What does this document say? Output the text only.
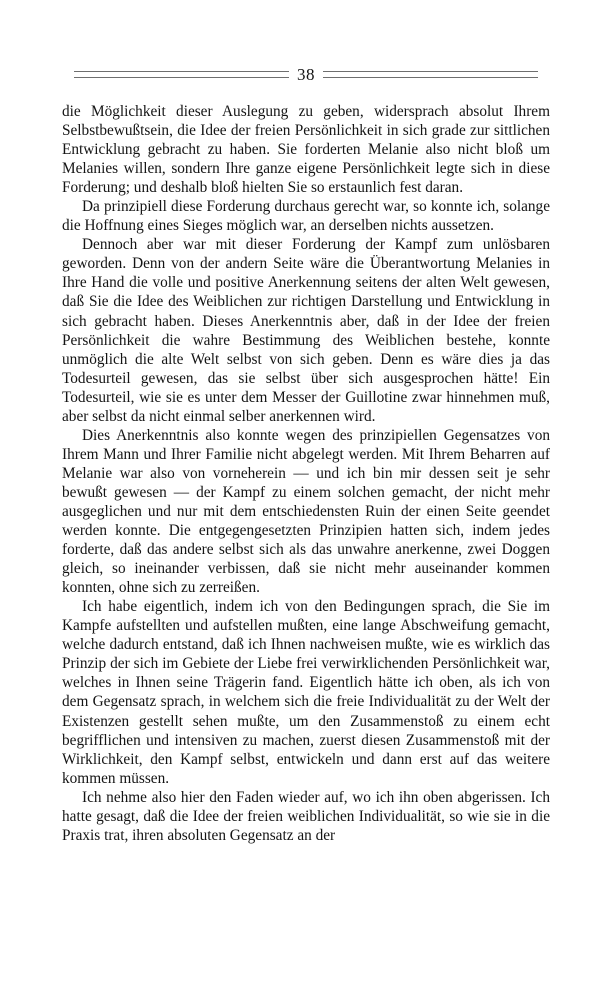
38

die Möglichkeit dieser Auslegung zu geben, widersprach absolut Ihrem Selbstbewußtsein, die Idee der freien Persönlichkeit in sich grade zur sittlichen Entwicklung gebracht zu haben. Sie forderten Melanie also nicht bloß um Melanies willen, sondern Ihre ganze eigene Persönlichkeit legte sich in diese Forderung; und deshalb bloß hielten Sie so erstaunlich fest daran.

Da prinzipiell diese Forderung durchaus gerecht war, so konnte ich, solange die Hoffnung eines Sieges möglich war, an derselben nichts aussetzen.

Dennoch aber war mit dieser Forderung der Kampf zum unlösbaren geworden. Denn von der andern Seite wäre die Überantwortung Melanies in Ihre Hand die volle und positive Anerkennung seitens der alten Welt gewesen, daß Sie die Idee des Weiblichen zur richtigen Darstellung und Entwicklung in sich gebracht haben. Dieses Anerkenntnis aber, daß in der Idee der freien Persönlichkeit die wahre Bestimmung des Weiblichen bestehe, konnte unmöglich die alte Welt selbst von sich geben. Denn es wäre dies ja das Todesurteil gewesen, das sie selbst über sich ausgesprochen hätte! Ein Todesurteil, wie sie es unter dem Messer der Guillotine zwar hinnehmen muß, aber selbst da nicht einmal selber anerkennen wird.

Dies Anerkenntnis also konnte wegen des prinzipiellen Gegensatzes von Ihrem Mann und Ihrer Familie nicht abgelegt werden. Mit Ihrem Beharren auf Melanie war also von vorneherein — und ich bin mir dessen seit je sehr bewußt gewesen — der Kampf zu einem solchen gemacht, der nicht mehr ausgeglichen und nur mit dem entschiedensten Ruin der einen Seite geendet werden konnte. Die entgegengesetzten Prinzipien hatten sich, indem jedes forderte, daß das andere selbst sich als das unwahre anerkenne, zwei Doggen gleich, so ineinander verbissen, daß sie nicht mehr auseinander kommen konnten, ohne sich zu zerreißen.

Ich habe eigentlich, indem ich von den Bedingungen sprach, die Sie im Kampfe aufstellten und aufstellen mußten, eine lange Abschweifung gemacht, welche dadurch entstand, daß ich Ihnen nachweisen mußte, wie es wirklich das Prinzip der sich im Gebiete der Liebe frei verwirklichenden Persönlichkeit war, welches in Ihnen seine Trägerin fand. Eigentlich hätte ich oben, als ich von dem Gegensatz sprach, in welchem sich die freie Individualität zu der Welt der Existenzen gestellt sehen mußte, um den Zusammenstoß zu einem echt begrifflichen und intensiven zu machen, zuerst diesen Zusammenstoß mit der Wirklichkeit, den Kampf selbst, entwickeln und dann erst auf das weitere kommen müssen.

Ich nehme also hier den Faden wieder auf, wo ich ihn oben abgerissen. Ich hatte gesagt, daß die Idee der freien weiblichen Individualität, so wie sie in die Praxis trat, ihren absoluten Gegensatz an der
